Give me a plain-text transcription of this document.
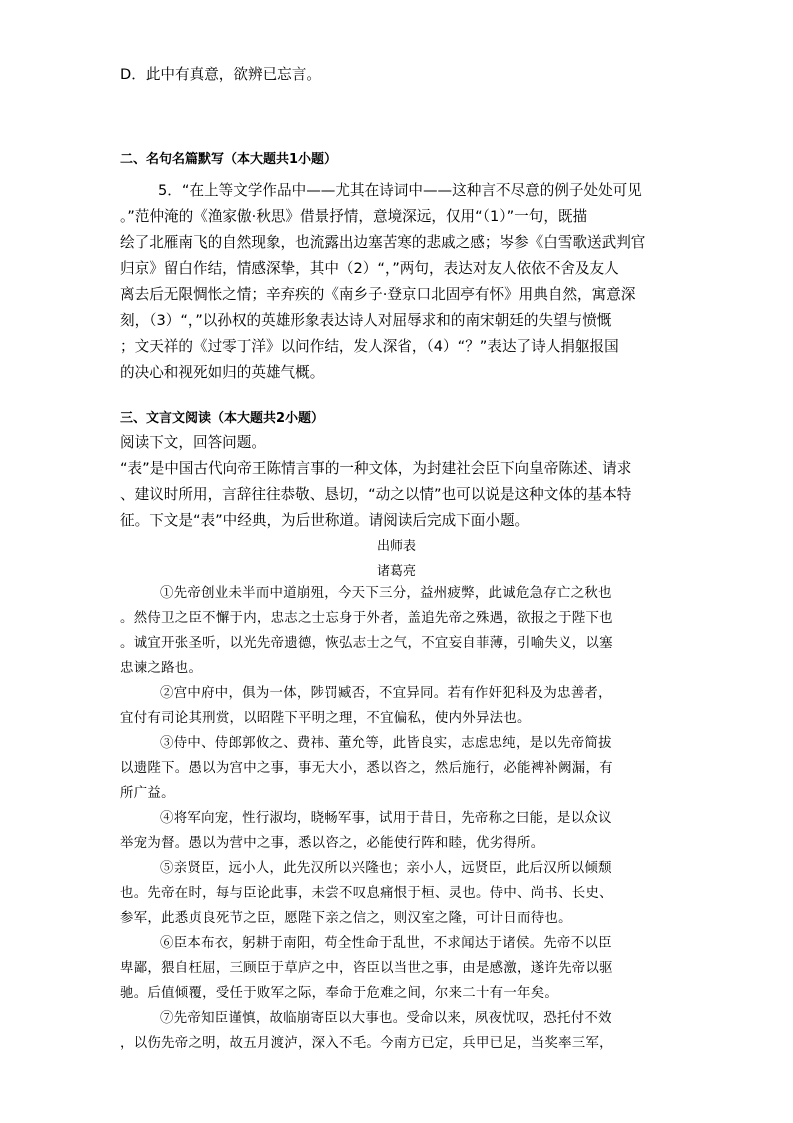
D．此中有真意，欲辨已忘言。
二、名句名篇默写（本大题共1小题）
5．“在上等文学作品中——尤其在诗词中——这种言不尽意的例子处处可见
。”范仲淹的《渔家傲·秋思》借景抒情，意境深远，仅用“（1）”一句，既描
绘了北雁南飞的自然现象，也流露出边塞苦寒的悲戚之感；岑参《白雪歌送武判官
归京》留白作结，情感深挚，其中（2）“，”两句，表达对友人依依不舍及友人
离去后无限惆怅之情；辛弃疾的《南乡子·登京口北固亭有怀》用典自然，寓意深
刻，（3）“，”以孙权的英雄形象表达诗人对屈辱求和的南宋朝廷的失望与愤慨
；文天祥的《过零丁洋》以问作结，发人深省，（4）“？”表达了诗人捐躯报国
的决心和视死如归的英雄气概。
三、文言文阅读（本大题共2小题）
阅读下文，回答问题。
“表”是中国古代向帝王陈情言事的一种文体，为封建社会臣下向皇帝陈述、请求
、建议时所用，言辞往往恭敬、恳切，“动之以情”也可以说是这种文体的基本特
征。下文是“表”中经典，为后世称道。请阅读后完成下面小题。
出师表
诸葛亮
①先帝创业未半而中道崩殂，今天下三分，益州疲弊，此诚危急存亡之秋也
。然侍卫之臣不懈于内，忠志之士忘身于外者，盖追先帝之殊遇，欲报之于陛下也
。诚宜开张圣听，以光先帝遗德，恢弘志士之气，不宜妄自菲薄，引喻失义，以塞
忠谏之路也。
②宫中府中，俱为一体，陟罚臧否，不宜异同。若有作奸犯科及为忠善者，
宜付有司论其刑赏，以昭陛下平明之理，不宜偏私，使内外异法也。
③侍中、侍郎郭攸之、费祎、董允等，此皆良实，志虑忠纯，是以先帝简拔
以遗陛下。愚以为宫中之事，事无大小，悉以咨之，然后施行，必能裨补阙漏，有
所广益。
④将军向宠，性行淑均，晓畅军事，试用于昔日，先帝称之曰能，是以众议
举宠为督。愚以为营中之事，悉以咨之，必能使行阵和睦，优劣得所。
⑤亲贤臣，远小人，此先汉所以兴隆也；亲小人，远贤臣，此后汉所以倾颓
也。先帝在时，每与臣论此事，未尝不叹息痛恨于桓、灵也。侍中、尚书、长史、
参军，此悉贞良死节之臣，愿陛下亲之信之，则汉室之隆，可计日而待也。
⑥臣本布衣，躬耕于南阳，苟全性命于乱世，不求闻达于诸侯。先帝不以臣
卑鄙，猥自枉屈，三顾臣于草庐之中，咨臣以当世之事，由是感激，遂许先帝以驱
驰。后值倾覆，受任于败军之际，奉命于危难之间，尔来二十有一年矣。
⑦先帝知臣谨慎，故临崩寄臣以大事也。受命以来，夙夜忧叹，恐托付不效
，以伤先帝之明，故五月渡泸，深入不毛。今南方已定，兵甲已足，当奖率三军，
